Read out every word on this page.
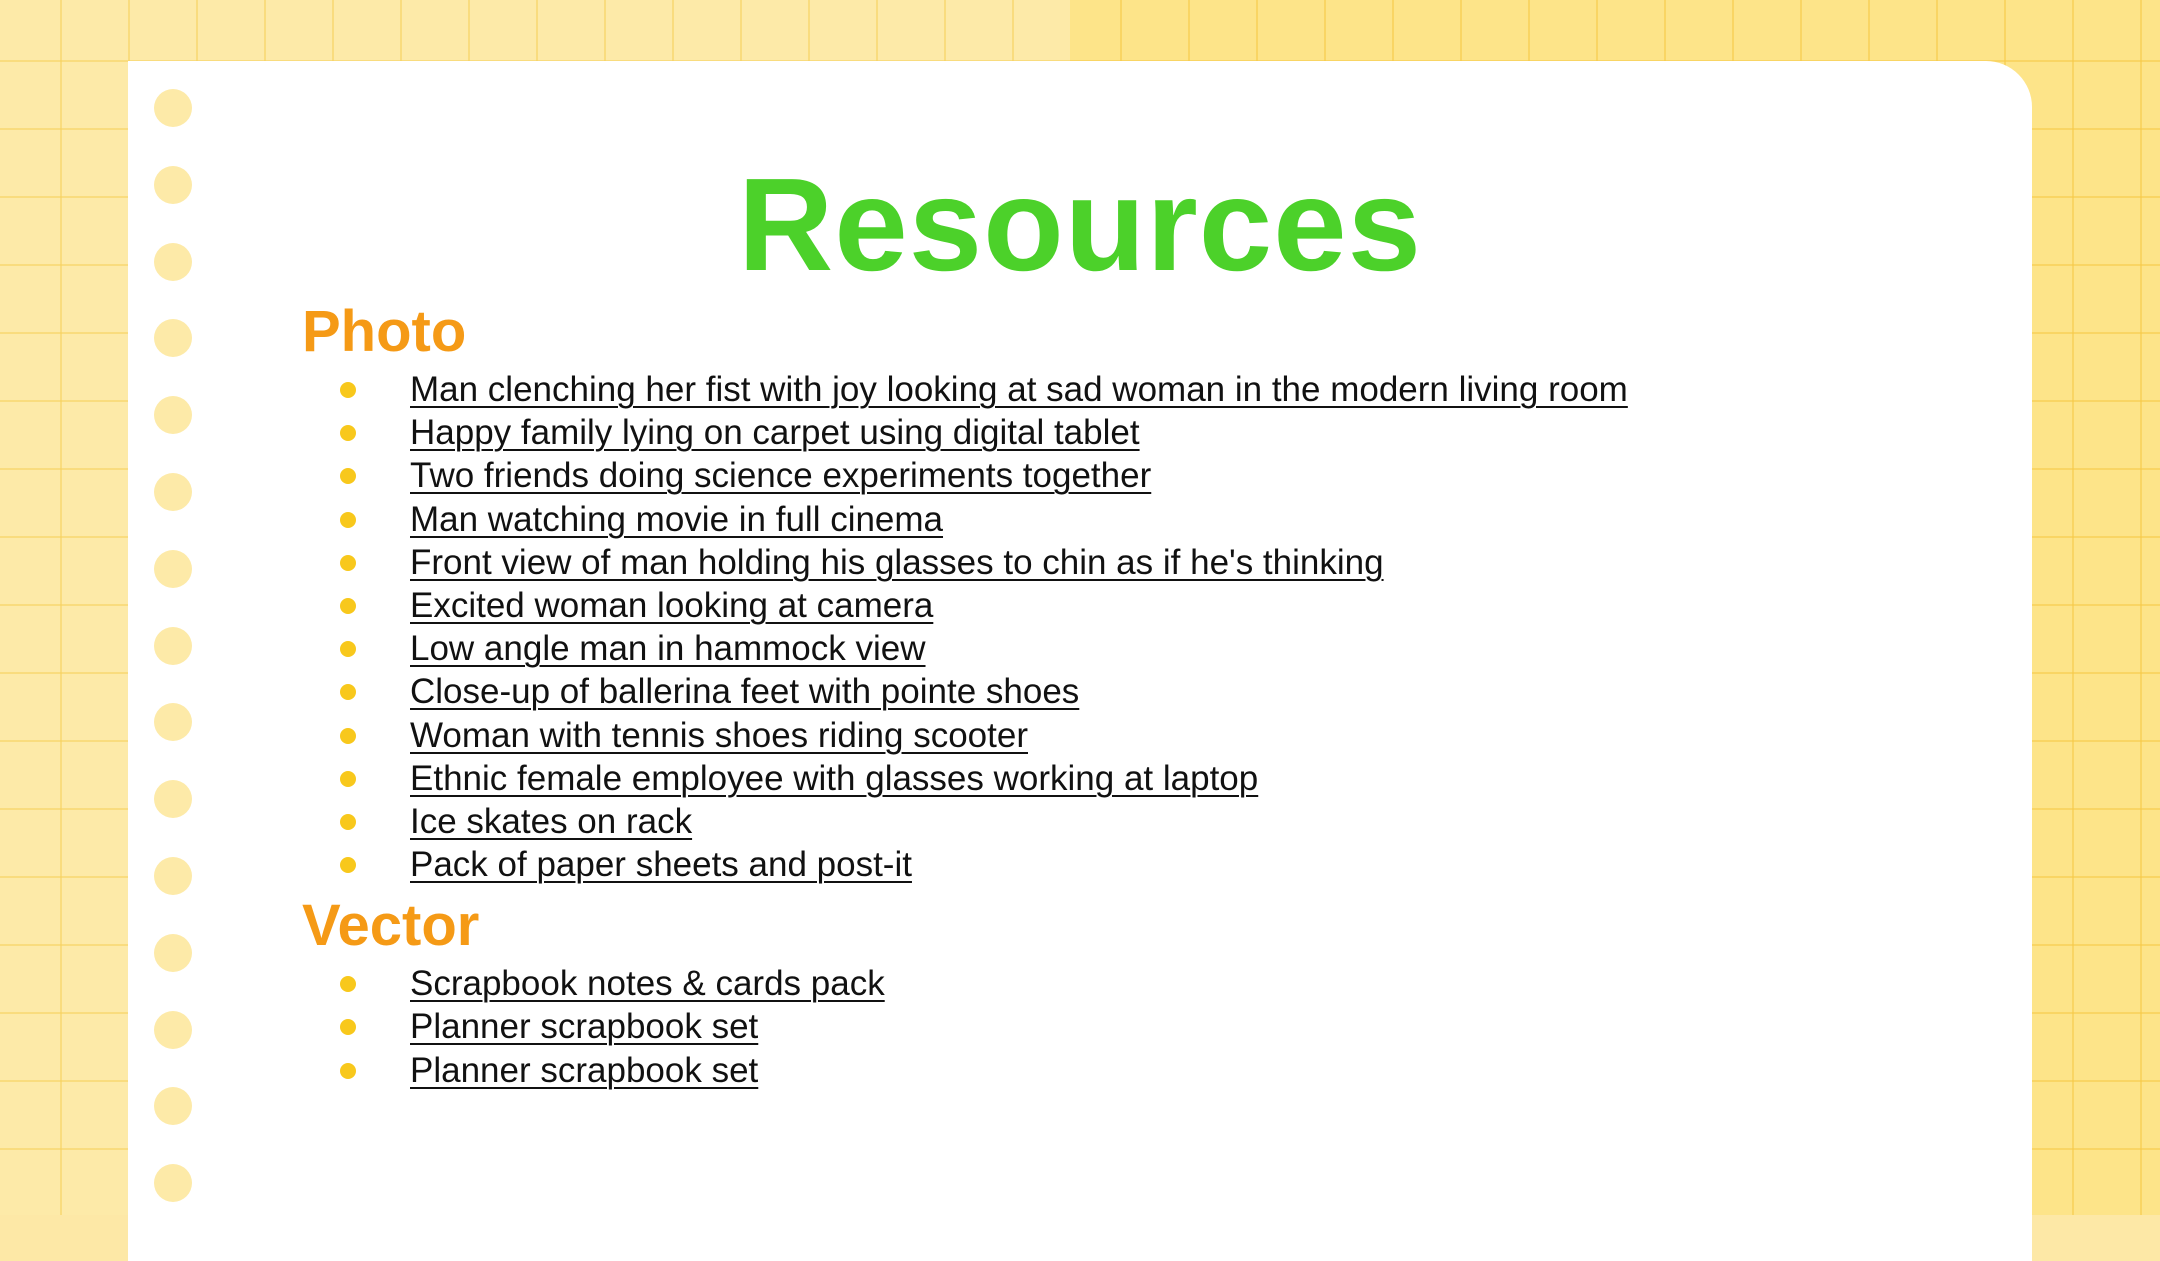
Resources
Photo
Man clenching her fist with joy looking at sad woman in the modern living room
Happy family lying on carpet using digital tablet
Two friends doing science experiments together
Man watching movie in full cinema
Front view of man holding his glasses to chin as if he's thinking
Excited woman looking at camera
Low angle man in hammock view
Close-up of ballerina feet with pointe shoes
Woman with tennis shoes riding scooter
Ethnic female employee with glasses working at laptop
Ice skates on rack
Pack of paper sheets and post-it
Vector
Scrapbook notes & cards pack
Planner scrapbook set
Planner scrapbook set
